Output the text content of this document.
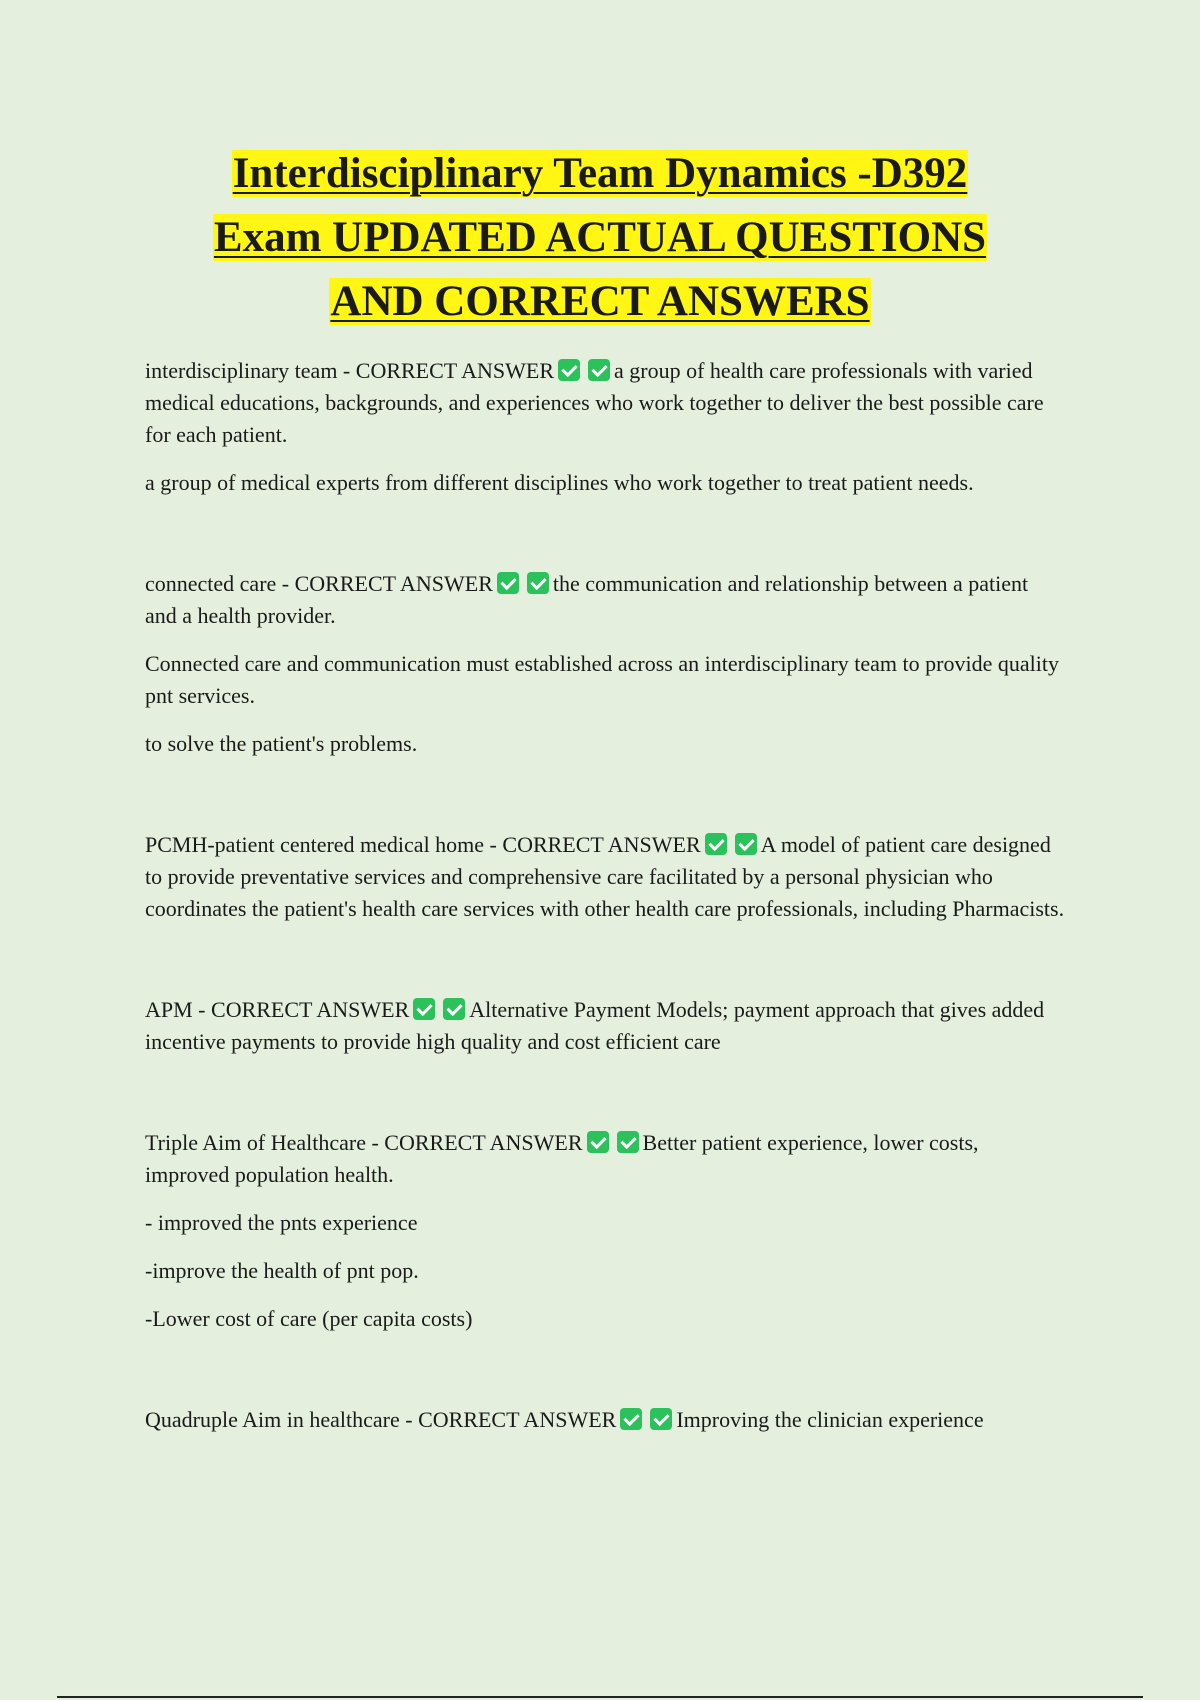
Interdisciplinary Team Dynamics -D392
Exam UPDATED ACTUAL QUESTIONS
AND CORRECT ANSWERS

interdisciplinary team - CORRECT ANSWER	a group of health care professionals with varied medical educations, backgrounds, and experiences who work together to deliver the best possible care for each patient.

a group of medical experts from different disciplines who work together to treat patient needs.

connected care - CORRECT ANSWER	the communication and relationship between a patient and a health provider.

Connected care and communication must established across an interdisciplinary team to provide quality pnt services.

to solve the patient's problems.

PCMH-patient centered medical home - CORRECT ANSWER	A model of patient care designed to provide preventative services and comprehensive care facilitated by a personal physician who coordinates the patient's health care services with other health care professionals, including Pharmacists.

APM - CORRECT ANSWER	Alternative Payment Models; payment approach that gives added incentive payments to provide high quality and cost efficient care

Triple Aim of Healthcare - CORRECT ANSWER	Better patient experience, lower costs, improved population health.

- improved the pnts experience

-improve the health of pnt pop.

-Lower cost of care (per capita costs)

Quadruple Aim in healthcare - CORRECT ANSWER	Improving the clinician experience
